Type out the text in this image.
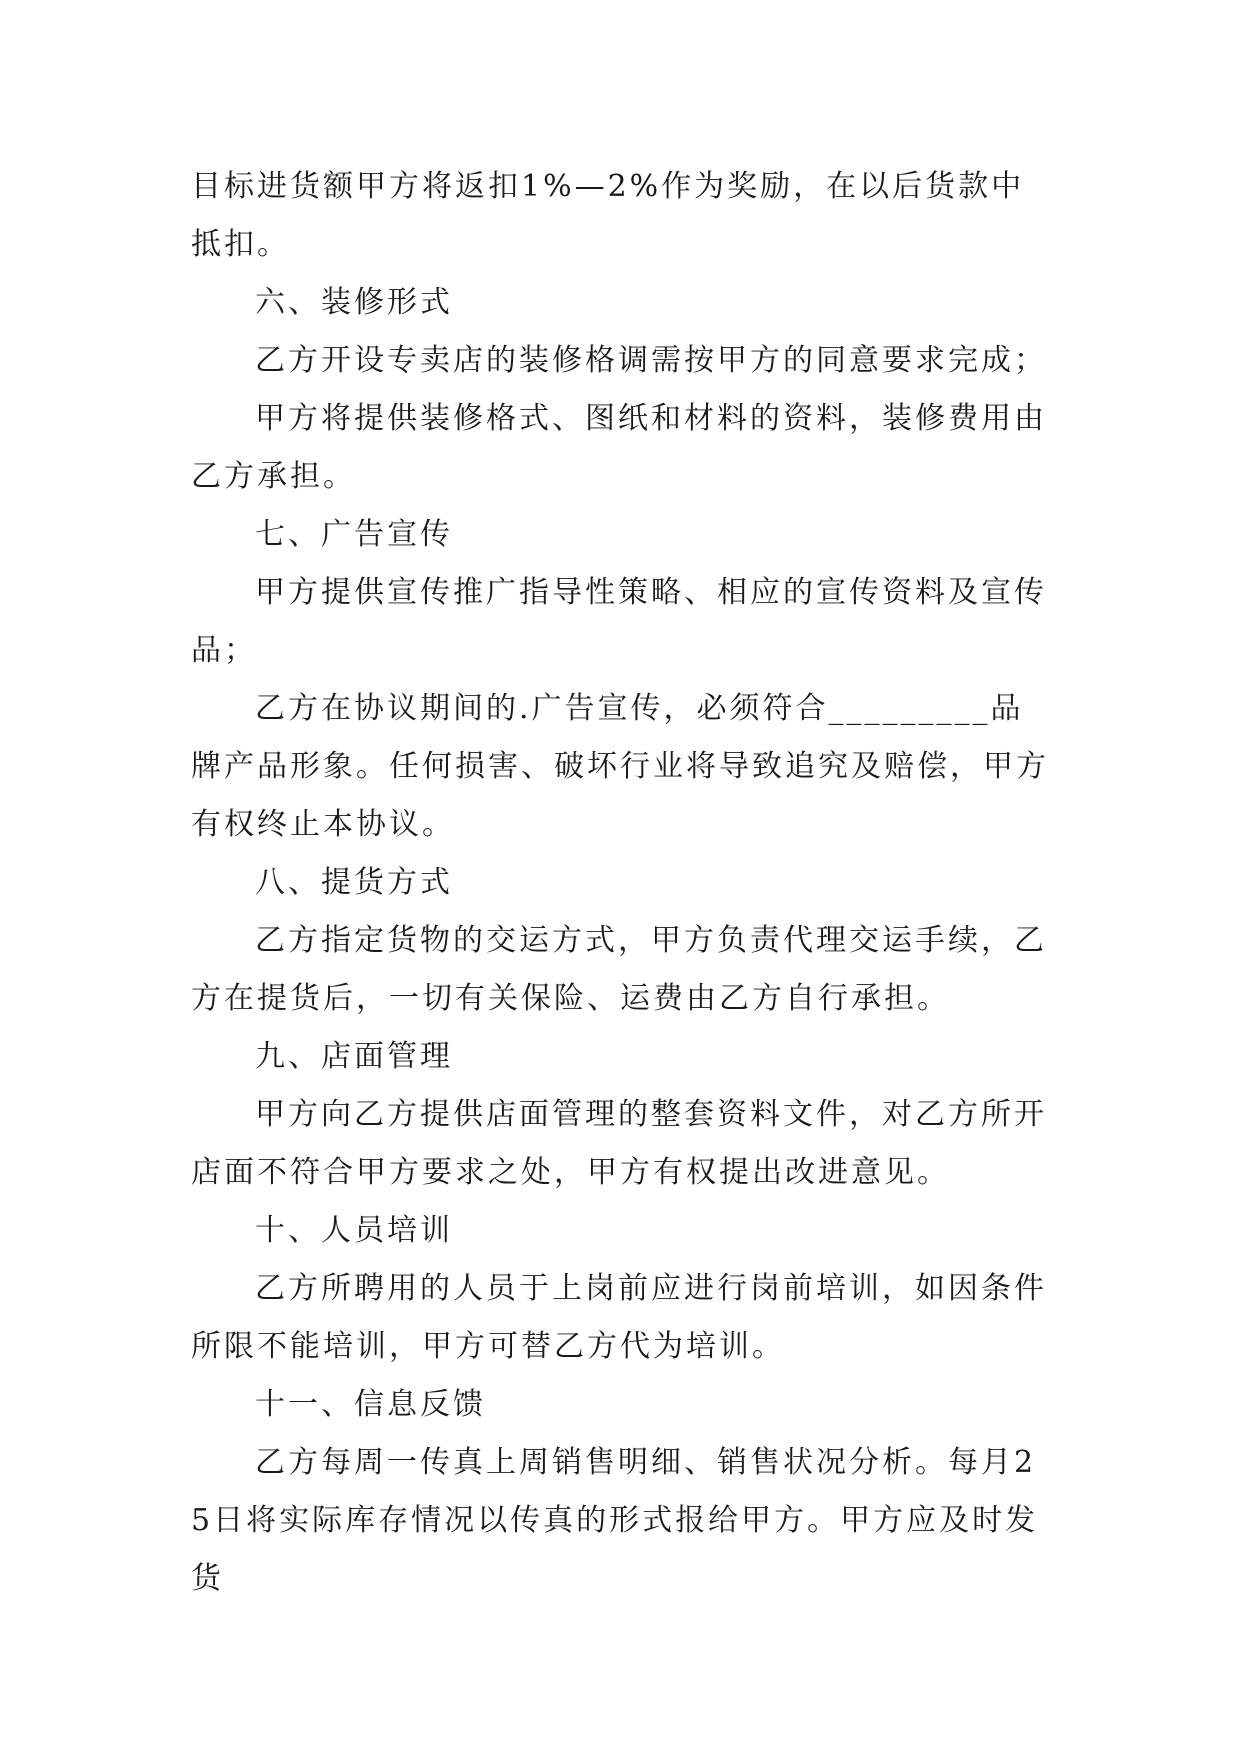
目标进货额甲方将返扣1%—2%作为奖励，在以后货款中抵扣。

六、装修形式

乙方开设专卖店的装修格调需按甲方的同意要求完成；

甲方将提供装修格式、图纸和材料的资料，装修费用由乙方承担。

七、广告宣传

甲方提供宣传推广指导性策略、相应的宣传资料及宣传品；

乙方在协议期间的.广告宣传，必须符合_________品牌产品形象。任何损害、破坏行业将导致追究及赔偿，甲方有权终止本协议。

八、提货方式

乙方指定货物的交运方式，甲方负责代理交运手续，乙方在提货后，一切有关保险、运费由乙方自行承担。

九、店面管理

甲方向乙方提供店面管理的整套资料文件，对乙方所开店面不符合甲方要求之处，甲方有权提出改进意见。

十、人员培训

乙方所聘用的人员于上岗前应进行岗前培训，如因条件所限不能培训，甲方可替乙方代为培训。

十一、信息反馈

乙方每周一传真上周销售明细、销售状况分析。每月25日将实际库存情况以传真的形式报给甲方。甲方应及时发货
